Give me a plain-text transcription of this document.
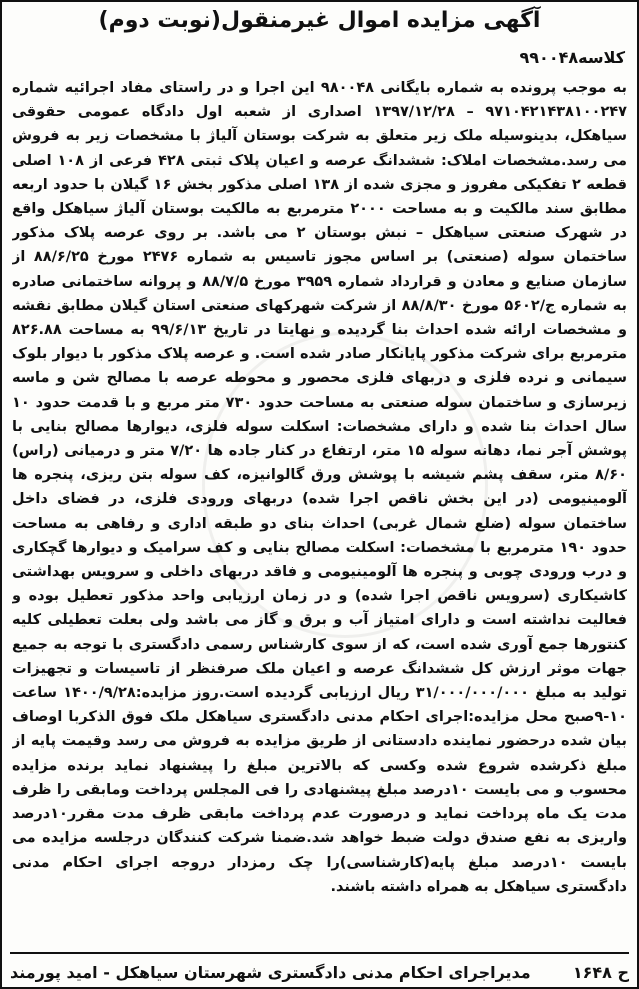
آگهی مزایده اموال غیرمنقول(نوبت دوم)
کلاسه۹۹۰۰۴۸
به موجب پرونده به شماره بایگانی ۹۸۰۰۴۸ این اجرا و در راستای مفاد اجرائیه شماره ۹۷۱۰۴۲۱۴۳۸۱۰۰۲۴۷ – ۱۳۹۷/۱۲/۲۸ اصداری از شعبه اول دادگاه عمومی حقوقی سیاهکل، بدینوسیله ملک زیر متعلق به شرکت بوستان آلیاژ با مشخصات زیر به فروش می رسد.مشخصات املاک: ششدانگ عرصه و اعیان پلاک ثبتی ۴۲۸ فرعی از ۱۰۸ اصلی قطعه ۲ تفکیکی مفروز و مجزی شده از ۱۳۸ اصلی مذکور بخش ۱۶ گیلان با حدود اربعه مطابق سند مالکیت و به مساحت ۲۰۰۰ مترمربع به مالکیت بوستان آلیاژ سیاهکل واقع در شهرک صنعتی سیاهکل – نبش بوستان ۲ می باشد. بر روی عرصه پلاک مذکور ساختمان سوله (صنعتی) بر اساس مجوز تاسیس به شماره ۲۴۷۶ مورخ ۸۸/۶/۲۵ از سازمان صنایع و معادن و قرارداد شماره ۳۹۵۹ مورخ ۸۸/۷/۵ و پروانه ساختمانی صادره به شماره ج/۵۶۰۲ مورخ ۸۸/۸/۳۰ از شرکت شهرکهای صنعتی استان گیلان مطابق نقشه و مشخصات ارائه شده احداث بنا گردیده و نهایتا در تاریخ ۹۹/۶/۱۳ به مساحت ۸۲۶.۸۸ مترمربع برای شرکت مذکور پایانکار صادر شده است. و عرصه پلاک مذکور با دیوار بلوک سیمانی و نرده فلزی و دربهای فلزی محصور و محوطه عرصه با مصالح شن و ماسه زیرسازی و ساختمان سوله صنعتی به مساحت حدود ۷۳۰ متر مربع و با قدمت حدود ۱۰ سال احداث بنا شده و دارای مشخصات: اسکلت سوله فلزی، دیوارها مصالح بنایی با پوشش آجر نما، دهانه سوله ۱۵ متر، ارتفاع در کنار جاده ها ۷/۲۰ متر و درمیانی (راس) ۸/۶۰ متر، سقف پشم شیشه با پوشش ورق گالوانیزه، کف سوله بتن ریزی، پنجره ها آلومینیومی (در این بخش ناقص اجرا شده) دربهای ورودی فلزی، در فضای داخل ساختمان سوله (ضلع شمال غربی) احداث بنای دو طبقه اداری و رفاهی به مساحت حدود ۱۹۰ مترمربع با مشخصات: اسکلت مصالح بنایی و کف سرامیک و دیوارها گچکاری و درب ورودی چوبی و پنجره ها آلومینیومی و فاقد دربهای داخلی و سرویس بهداشتی کاشیکاری (سرویس ناقص اجرا شده) و در زمان ارزیابی واحد مذکور تعطیل بوده و فعالیت نداشته است و دارای امتیاز آب و برق و گاز می باشد ولی بعلت تعطیلی کلیه کنتورها جمع آوری شده است، که از سوی کارشناس رسمی دادگستری با توجه به جمیع جهات موثر ارزش کل ششدانگ عرصه و اعیان ملک صرفنظر از تاسیسات و تجهیزات تولید به مبلغ ۳۱/۰۰۰/۰۰۰/۰۰۰ ریال ارزیابی گردیده است.روز مزایده:۱۴۰۰/۹/۲۸ ساعت ۱۰-۹صبح محل مزایده:اجرای احکام مدنی دادگستری سیاهکل ملک فوق الذکربا اوصاف بیان شده درحضور نماینده دادستانی از طریق مزایده به فروش می رسد وقیمت پایه از مبلغ ذکرشده شروع شده وکسی که بالاترین مبلغ را پیشنهاد نماید برنده مزایده محسوب و می بایست ۱۰درصد مبلغ پیشنهادی را فی المجلس پرداخت ومابقی را ظرف مدت یک ماه پرداخت نماید و درصورت عدم پرداخت مابقی ظرف مدت مقرر۱۰درصد واریزی به نفع صندق دولت ضبط خواهد شد.ضمنا شرکت کنندگان درجلسه مزایده می بایست ۱۰درصد مبلغ پایه(کارشناسی)را چک رمزدار دروجه اجرای احکام مدنی دادگستری سیاهکل به همراه داشته باشند.
ح ۱۶۴۸
مدیراجرای احکام مدنی دادگستری شهرستان سیاهکل - امید پورمند
